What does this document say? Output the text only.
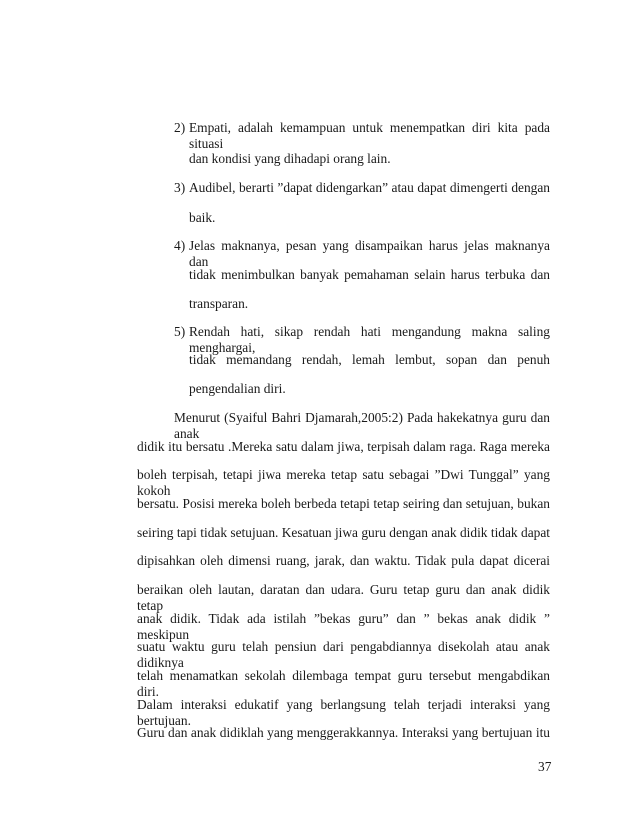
2) Empati, adalah kemampuan untuk menempatkan diri kita pada situasi
dan kondisi yang dihadapi orang lain.
3) Audibel, berarti ”dapat didengarkan” atau dapat dimengerti dengan
baik.
4) Jelas maknanya, pesan yang disampaikan harus jelas maknanya dan
tidak menimbulkan banyak pemahaman selain harus terbuka dan
transparan.
5) Rendah hati, sikap rendah hati mengandung makna saling menghargai,
tidak memandang rendah, lemah lembut, sopan dan penuh
pengendalian diri.
Menurut (Syaiful Bahri Djamarah,2005:2) Pada hakekatnya guru dan anak
didik itu bersatu .Mereka satu dalam jiwa, terpisah dalam raga. Raga mereka
boleh terpisah, tetapi jiwa mereka tetap satu sebagai ”Dwi Tunggal” yang kokoh
bersatu. Posisi mereka boleh berbeda tetapi tetap seiring dan setujuan, bukan
seiring tapi tidak setujuan. Kesatuan jiwa guru dengan anak didik tidak dapat
dipisahkan oleh dimensi ruang, jarak, dan waktu. Tidak pula dapat dicerai
beraikan oleh lautan, daratan dan udara. Guru tetap guru dan anak didik tetap
anak didik. Tidak ada istilah ”bekas guru” dan ” bekas anak didik ” meskipun
suatu waktu guru telah pensiun dari pengabdiannya disekolah atau anak didiknya
telah menamatkan sekolah dilembaga tempat guru tersebut mengabdikan diri.
Dalam interaksi edukatif yang berlangsung telah terjadi interaksi yang bertujuan.
Guru dan anak didiklah yang menggerakkannya. Interaksi yang bertujuan itu
37
